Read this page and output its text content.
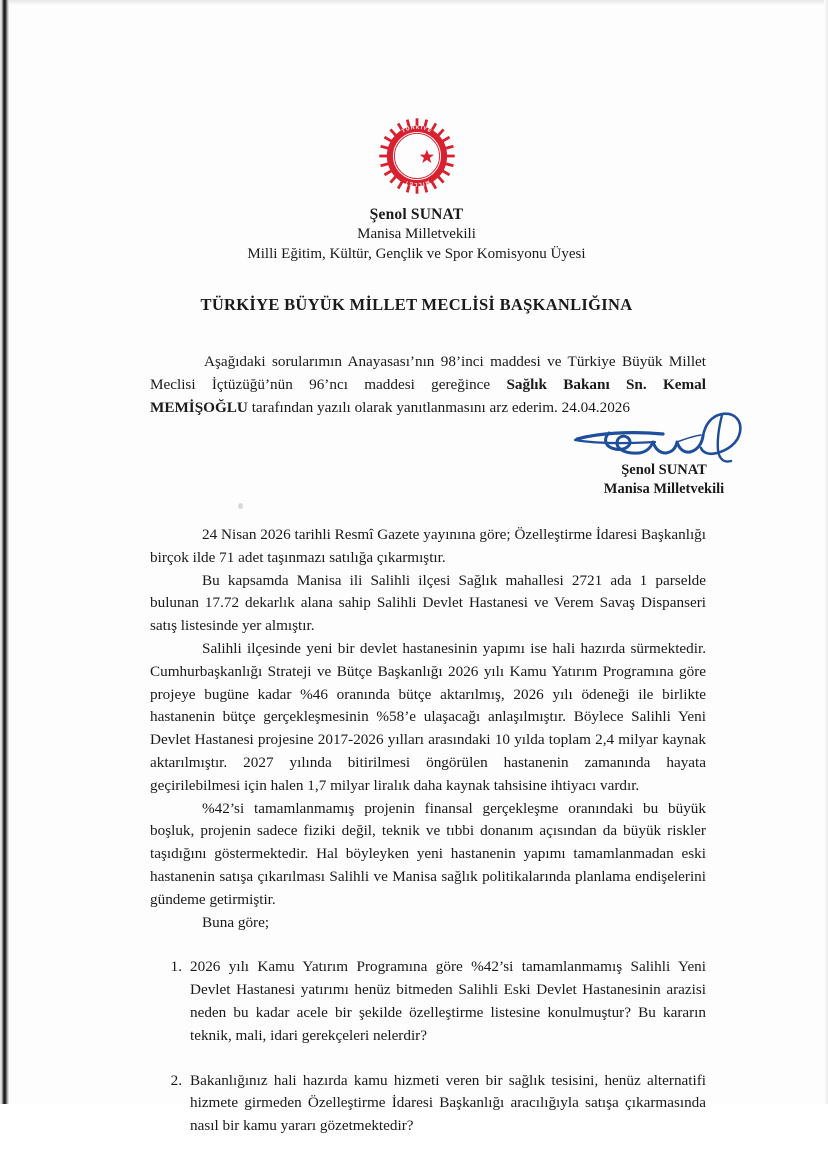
TÜRKİYE
MİLLET
Şenol SUNAT
Manisa Milletvekili
Milli Eğitim, Kültür, Gençlik ve Spor Komisyonu Üyesi
TÜRKİYE BÜYÜK MİLLET MECLİSİ BAŞKANLIĞINA

Aşağıdaki sorularımın Anayasası’nın 98’inci maddesi ve Türkiye Büyük Millet Meclisi İçtüzüğü’nün 96’ncı maddesi gereğince Sağlık Bakanı Sn. Kemal MEMİŞOĞLU tarafından yazılı olarak yanıtlanmasını arz ederim. 24.04.2026

Şenol SUNAT
Manisa Milletvekili

24 Nisan 2026 tarihli Resmî Gazete yayınına göre; Özelleştirme İdaresi Başkanlığı birçok ilde 71 adet taşınmazı satılığa çıkarmıştır.

Bu kapsamda Manisa ili Salihli ilçesi Sağlık mahallesi 2721 ada 1 parselde bulunan 17.72 dekarlık alana sahip Salihli Devlet Hastanesi ve Verem Savaş Dispanseri satış listesinde yer almıştır.

Salihli ilçesinde yeni bir devlet hastanesinin yapımı ise hali hazırda sürmektedir. Cumhurbaşkanlığı Strateji ve Bütçe Başkanlığı 2026 yılı Kamu Yatırım Programına göre projeye bugüne kadar %46 oranında bütçe aktarılmış, 2026 yılı ödeneği ile birlikte hastanenin bütçe gerçekleşmesinin %58’e ulaşacağı anlaşılmıştır. Böylece Salihli Yeni Devlet Hastanesi projesine 2017-2026 yılları arasındaki 10 yılda toplam 2,4 milyar kaynak aktarılmıştır. 2027 yılında bitirilmesi öngörülen hastanenin zamanında hayata geçirilebilmesi için halen 1,7 milyar liralık daha kaynak tahsisine ihtiyacı vardır.

%42’si tamamlanmamış projenin finansal gerçekleşme oranındaki bu büyük boşluk, projenin sadece fiziki değil, teknik ve tıbbi donanım açısından da büyük riskler taşıdığını göstermektedir. Hal böyleyken yeni hastanenin yapımı tamamlanmadan eski hastanenin satışa çıkarılması Salihli ve Manisa sağlık politikalarında planlama endişelerini gündeme getirmiştir.

Buna göre;

2026 yılı Kamu Yatırım Programına göre %42’si tamamlanmamış Salihli Yeni Devlet Hastanesi yatırımı henüz bitmeden Salihli Eski Devlet Hastanesinin arazisi neden bu kadar acele bir şekilde özelleştirme listesine konulmuştur? Bu kararın teknik, mali, idari gerekçeleri nelerdir?
Bakanlığınız hali hazırda kamu hizmeti veren bir sağlık tesisini, henüz alternatifi hizmete girmeden Özelleştirme İdaresi Başkanlığı aracılığıyla satışa çıkarmasında nasıl bir kamu yararı gözetmektedir?
